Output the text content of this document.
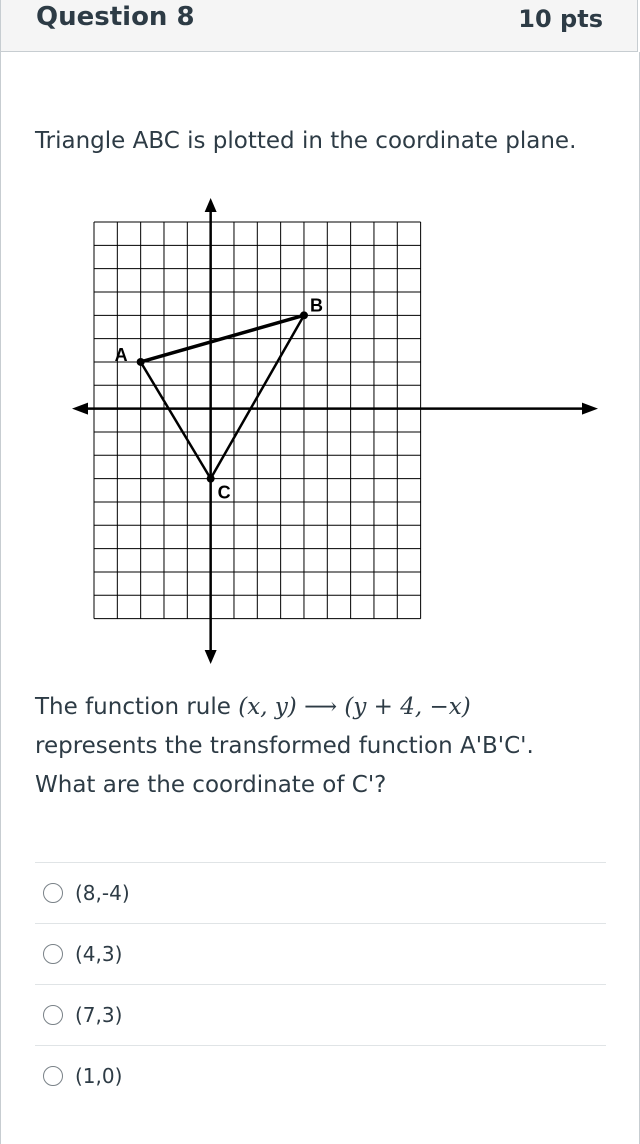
Question 8	10 pts

Triangle ABC is plotted in the coordinate plane.

A
B
C

The function rule (x, y) ⟶ (y + 4, −x)
represents the transformed function A'B'C'.
What are the coordinate of C'?

(8,-4)
(4,3)
(7,3)
(1,0)
